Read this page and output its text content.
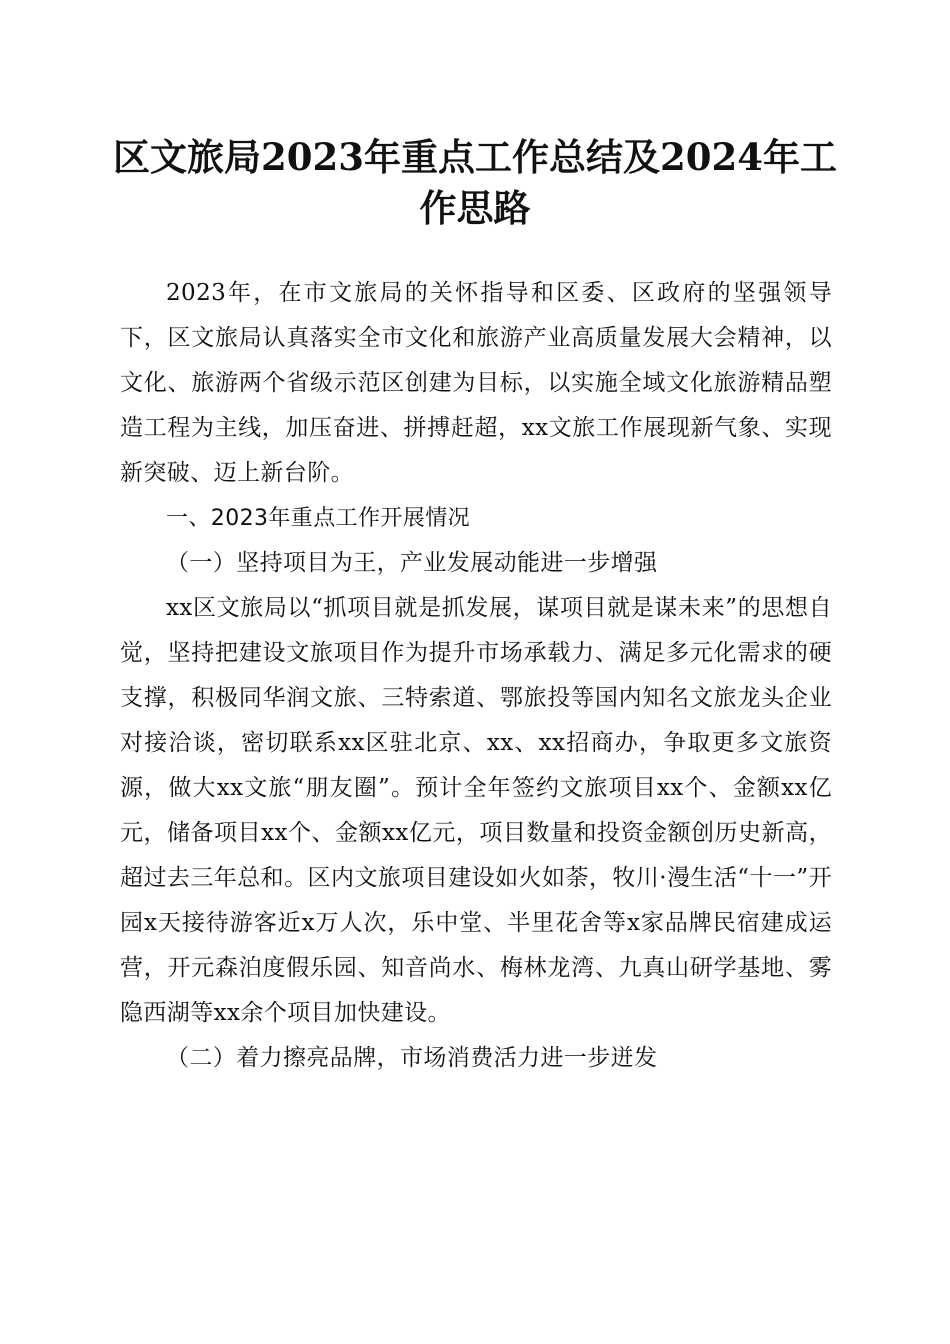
区文旅局2023年重点工作总结及2024年工作思路

2023年，在市文旅局的关怀指导和区委、区政府的坚强领导下，区文旅局认真落实全市文化和旅游产业高质量发展大会精神，以文化、旅游两个省级示范区创建为目标，以实施全域文化旅游精品塑造工程为主线，加压奋进、拼搏赶超，xx文旅工作展现新气象、实现新突破、迈上新台阶。

一、2023年重点工作开展情况

（一）坚持项目为王，产业发展动能进一步增强

xx区文旅局以“抓项目就是抓发展，谋项目就是谋未来”的思想自觉，坚持把建设文旅项目作为提升市场承载力、满足多元化需求的硬支撑，积极同华润文旅、三特索道、鄂旅投等国内知名文旅龙头企业对接洽谈，密切联系xx区驻北京、xx、xx招商办，争取更多文旅资源，做大xx文旅“朋友圈”。预计全年签约文旅项目xx个、金额xx亿元，储备项目xx个、金额xx亿元，项目数量和投资金额创历史新高，超过去三年总和。区内文旅项目建设如火如荼，牧川·漫生活“十一”开园x天接待游客近x万人次，乐中堂、半里花舍等x家品牌民宿建成运营，开元森泊度假乐园、知音尚水、梅林龙湾、九真山研学基地、雾隐西湖等xx余个项目加快建设。

（二）着力擦亮品牌，市场消费活力进一步迸发
